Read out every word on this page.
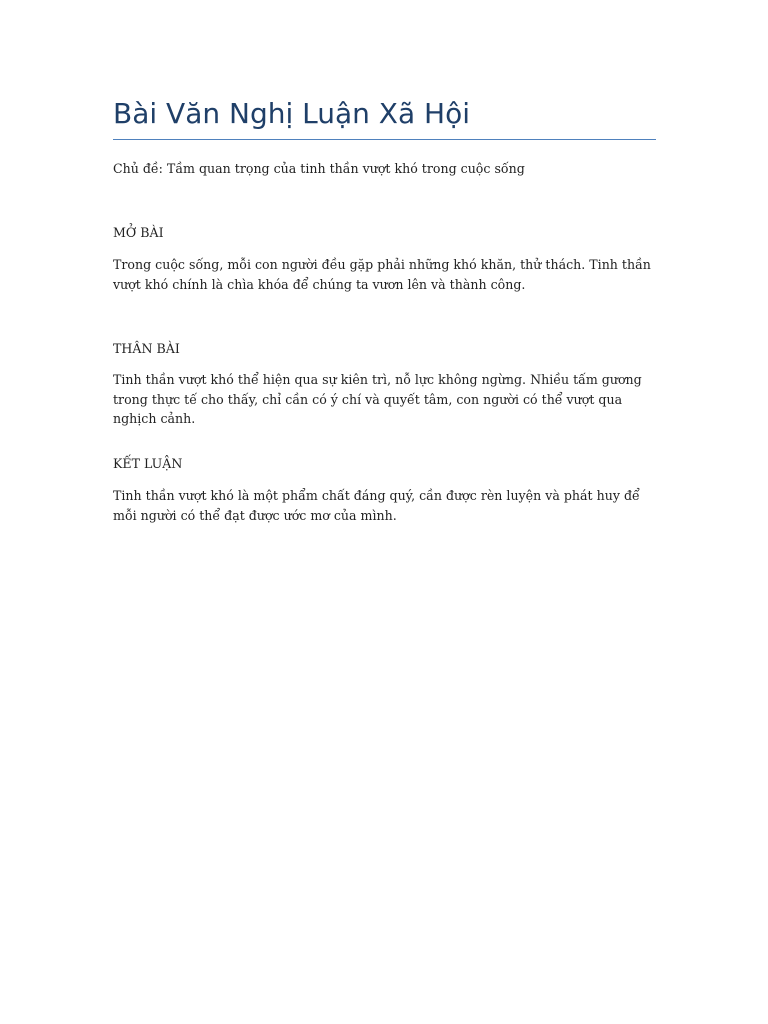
Bài Văn Nghị Luận Xã Hội

Chủ đề: Tầm quan trọng của tinh thần vượt khó trong cuộc sống

MỞ BÀI

Trong cuộc sống, mỗi con người đều gặp phải những khó khăn, thử thách. Tinh thần vượt khó chính là chìa khóa để chúng ta vươn lên và thành công.

THÂN BÀI

Tinh thần vượt khó thể hiện qua sự kiên trì, nỗ lực không ngừng. Nhiều tấm gương trong thực tế cho thấy, chỉ cần có ý chí và quyết tâm, con người có thể vượt qua nghịch cảnh.

KẾT LUẬN

Tinh thần vượt khó là một phẩm chất đáng quý, cần được rèn luyện và phát huy để mỗi người có thể đạt được ước mơ của mình.
